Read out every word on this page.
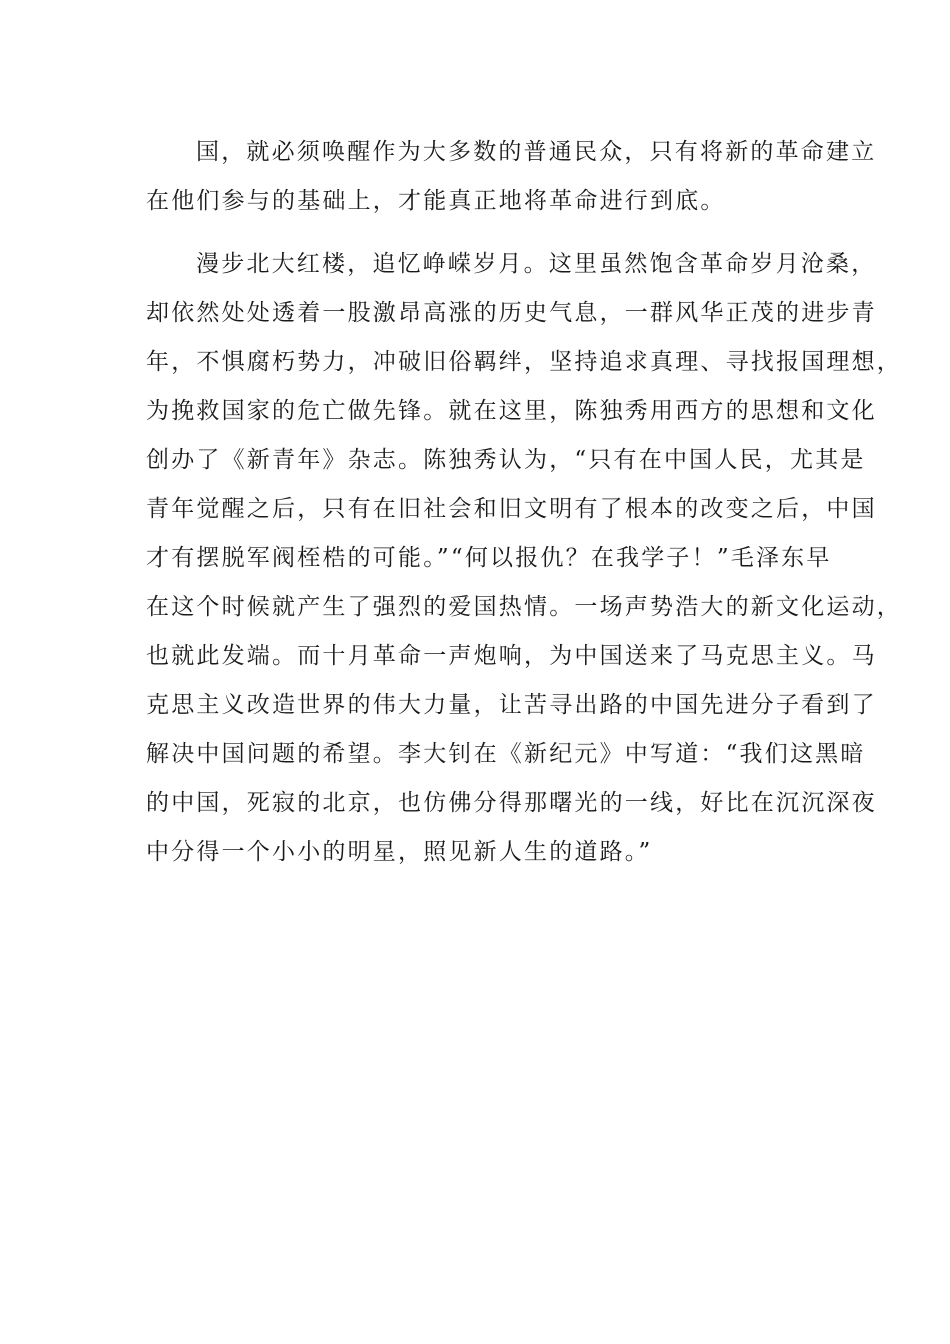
国，就必须唤醒作为大多数的普通民众，只有将新的革命建立
在他们参与的基础上，才能真正地将革命进行到底。
漫步北大红楼，追忆峥嵘岁月。这里虽然饱含革命岁月沧桑，
却依然处处透着一股激昂高涨的历史气息，一群风华正茂的进步青
年，不惧腐朽势力，冲破旧俗羁绊，坚持追求真理、寻找报国理想，
为挽救国家的危亡做先锋。就在这里，陈独秀用西方的思想和文化
创办了《新青年》杂志。陈独秀认为，“只有在中国人民，尤其是
青年觉醒之后，只有在旧社会和旧文明有了根本的改变之后，中国
才有摆脱军阀桎梏的可能。”“何以报仇？在我学子！”毛泽东早
在这个时候就产生了强烈的爱国热情。一场声势浩大的新文化运动，
也就此发端。而十月革命一声炮响，为中国送来了马克思主义。马
克思主义改造世界的伟大力量，让苦寻出路的中国先进分子看到了
解决中国问题的希望。李大钊在《新纪元》中写道：“我们这黑暗
的中国，死寂的北京，也仿佛分得那曙光的一线，好比在沉沉深夜
中分得一个小小的明星，照见新人生的道路。”
